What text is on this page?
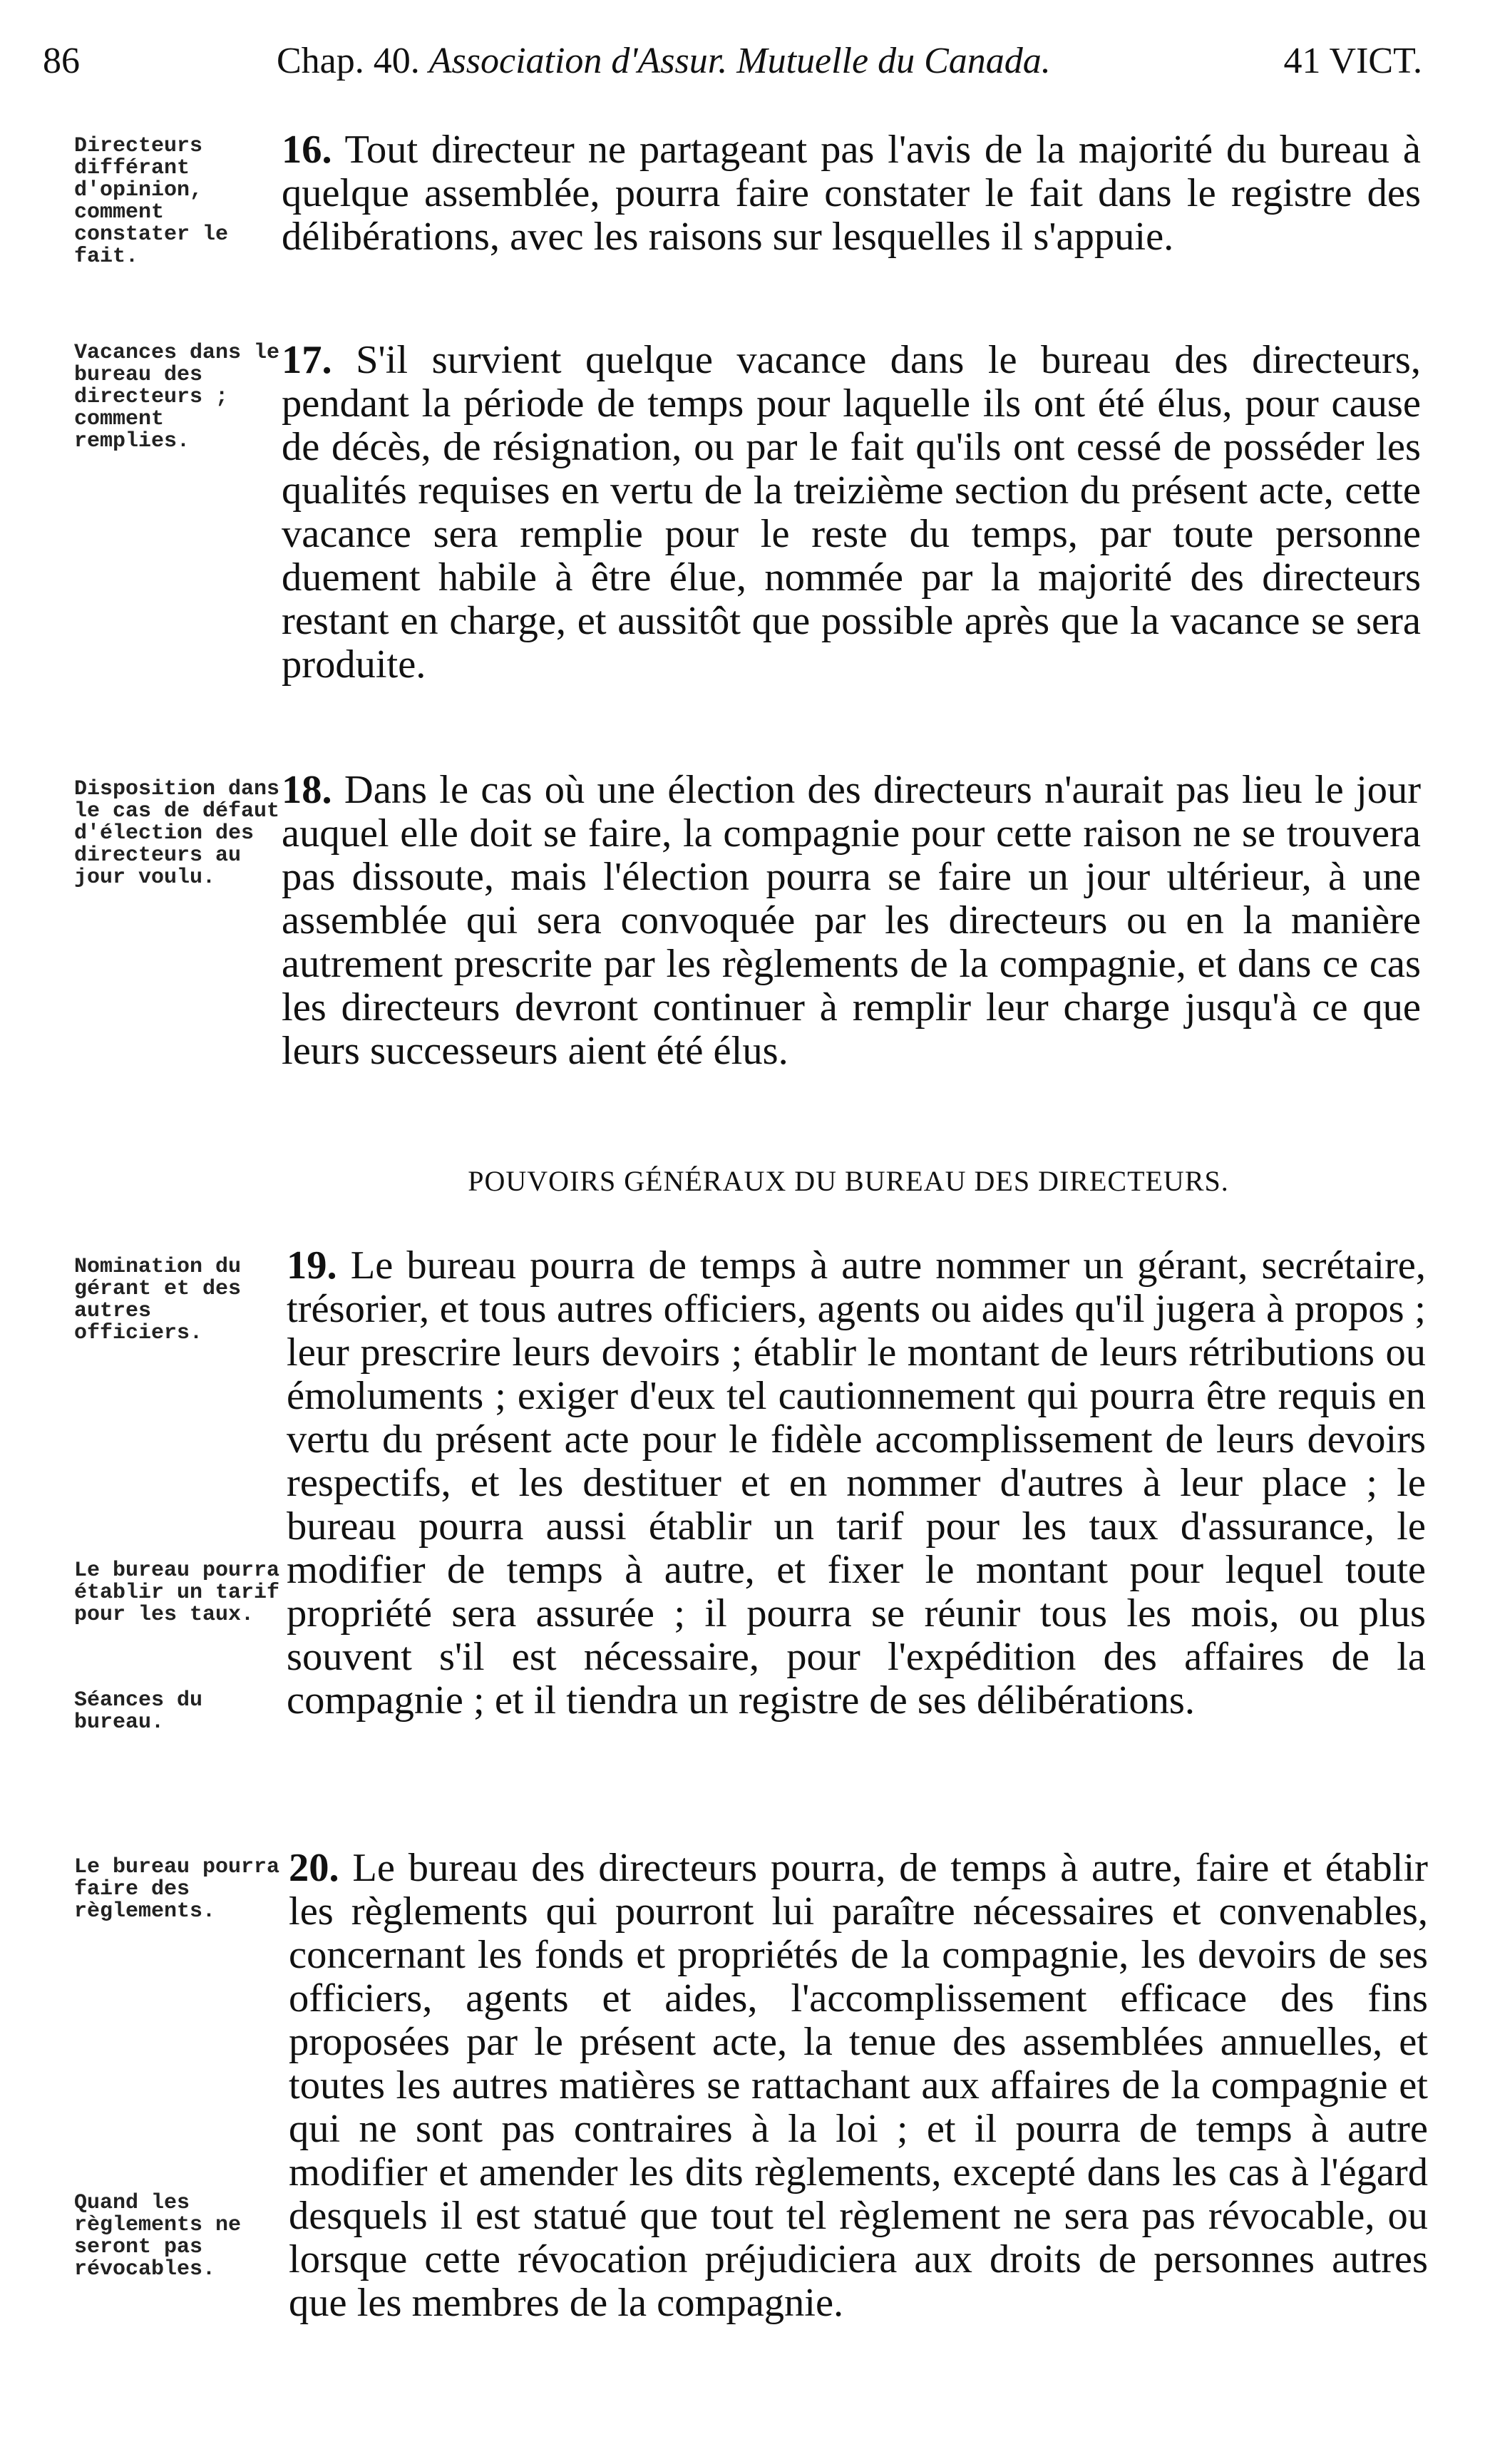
86	Chap. 40. Association d'Assur. Mutuelle du Canada.	41 VICT.
Directeurs différant d'opinion, comment constater le fait.
16. Tout directeur ne partageant pas l'avis de la majorité du bureau à quelque assemblée, pourra faire constater le fait dans le registre des délibérations, avec les raisons sur lesquelles il s'appuie.
Vacances dans le bureau des directeurs ; comment remplies.
17. S'il survient quelque vacance dans le bureau des directeurs, pendant la période de temps pour laquelle ils ont été élus, pour cause de décès, de résignation, ou par le fait qu'ils ont cessé de posséder les qualités requises en vertu de la treizième section du présent acte, cette vacance sera remplie pour le reste du temps, par toute personne duement habile à être élue, nommée par la majorité des directeurs restant en charge, et aussitôt que possible après que la vacance se sera produite.
Disposition dans le cas de défaut d'élection des directeurs au jour voulu.
18. Dans le cas où une élection des directeurs n'aurait pas lieu le jour auquel elle doit se faire, la compagnie pour cette raison ne se trouvera pas dissoute, mais l'élection pourra se faire un jour ultérieur, à une assemblée qui sera convoquée par les directeurs ou en la manière autrement prescrite par les règlements de la compagnie, et dans ce cas les directeurs devront continuer à remplir leur charge jusqu'à ce que leurs successeurs aient été élus.
POUVOIRS GÉNÉRAUX DU BUREAU DES DIRECTEURS.
Nomination du gérant et des autres officiers.
Le bureau pourra établir un tarif pour les taux.
Séances du bureau.
19. Le bureau pourra de temps à autre nommer un gérant, secrétaire, trésorier, et tous autres officiers, agents ou aides qu'il jugera à propos ; leur prescrire leurs devoirs ; établir le montant de leurs rétributions ou émoluments ; exiger d'eux tel cautionnement qui pourra être requis en vertu du présent acte pour le fidèle accomplissement de leurs devoirs respectifs, et les destituer et en nommer d'autres à leur place ; le bureau pourra aussi établir un tarif pour les taux d'assurance, le modifier de temps à autre, et fixer le montant pour lequel toute propriété sera assurée ; il pourra se réunir tous les mois, ou plus souvent s'il est nécessaire, pour l'expédition des affaires de la compagnie ; et il tiendra un registre de ses délibérations.
Le bureau pourra faire des règlements.
Quand les règlements ne seront pas révocables.
20. Le bureau des directeurs pourra, de temps à autre, faire et établir les règlements qui pourront lui paraître nécessaires et convenables, concernant les fonds et propriétés de la compagnie, les devoirs de ses officiers, agents et aides, l'accomplissement efficace des fins proposées par le présent acte, la tenue des assemblées annuelles, et toutes les autres matières se rattachant aux affaires de la compagnie et qui ne sont pas contraires à la loi ; et il pourra de temps à autre modifier et amender les dits règlements, excepté dans les cas à l'égard desquels il est statué que tout tel règlement ne sera pas révocable, ou lorsque cette révocation préjudiciera aux droits de personnes autres que les membres de la compagnie.
